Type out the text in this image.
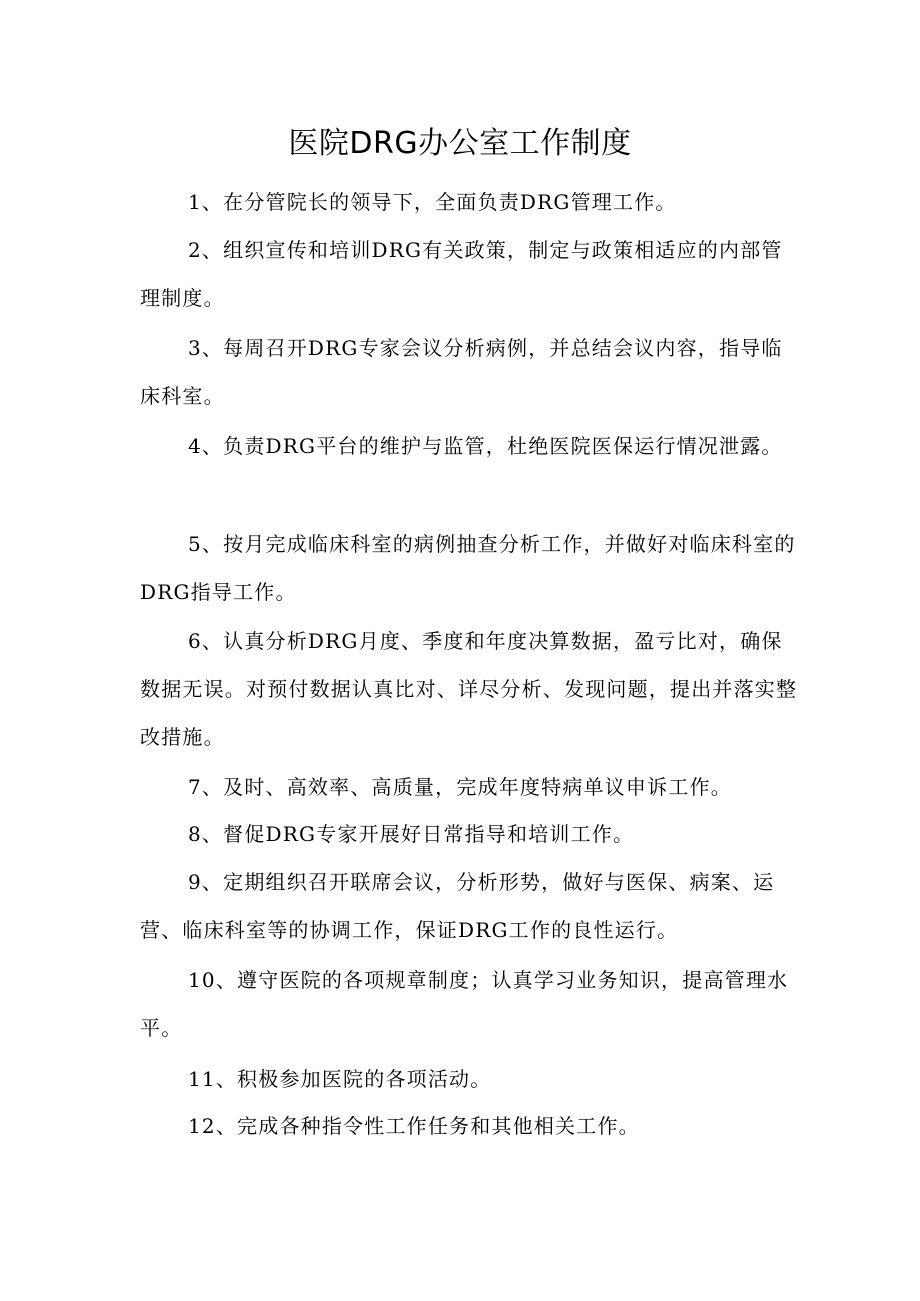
医院DRG办公室工作制度

1、在分管院长的领导下，全面负责DRG管理工作。

2、组织宣传和培训DRG有关政策，制定与政策相适应的内部管理制度。

3、每周召开DRG专家会议分析病例，并总结会议内容，指导临床科室。

4、负责DRG平台的维护与监管，杜绝医院医保运行情况泄露。

5、按月完成临床科室的病例抽查分析工作，并做好对临床科室的DRG指导工作。

6、认真分析DRG月度、季度和年度决算数据，盈亏比对，确保数据无误。对预付数据认真比对、详尽分析、发现问题，提出并落实整改措施。

7、及时、高效率、高质量，完成年度特病单议申诉工作。

8、督促DRG专家开展好日常指导和培训工作。

9、定期组织召开联席会议，分析形势，做好与医保、病案、运营、临床科室等的协调工作，保证DRG工作的良性运行。

10、遵守医院的各项规章制度；认真学习业务知识，提高管理水平。

11、积极参加医院的各项活动。

12、完成各种指令性工作任务和其他相关工作。
